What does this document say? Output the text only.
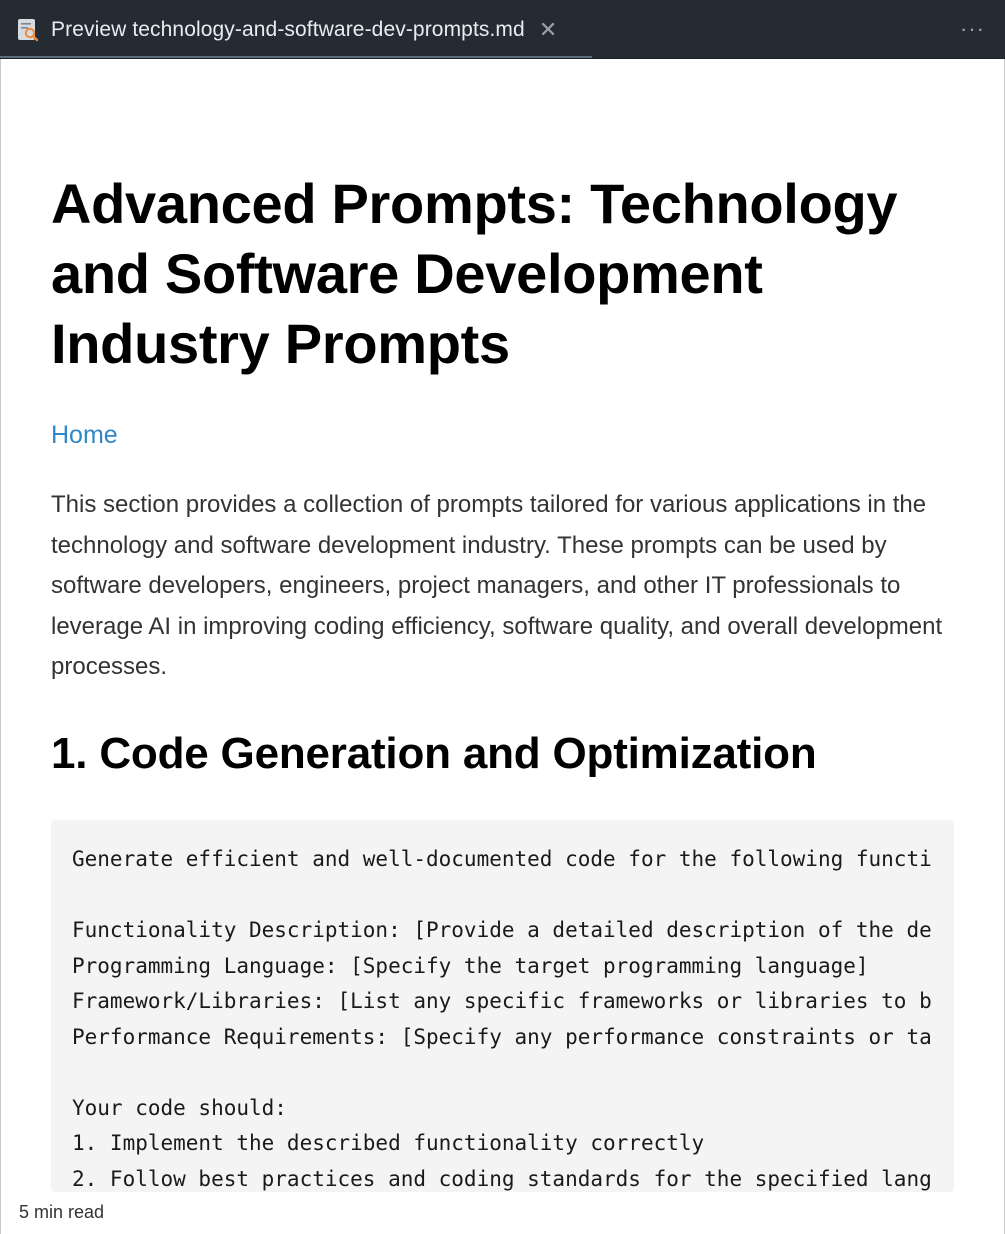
Preview technology-and-software-dev-prompts.md ✕	···
Advanced Prompts: Technology and Software Development Industry Prompts
Home

This section provides a collection of prompts tailored for various applications in the technology and software development industry. These prompts can be used by software developers, engineers, project managers, and other IT professionals to leverage AI in improving coding efficiency, software quality, and overall development processes.

1. Code Generation and Optimization
Generate efficient and well-documented code for the following functi
Functionality Description: [Provide a detailed description of the de
Programming Language: [Specify the target programming language]
Framework/Libraries: [List any specific frameworks or libraries to b
Performance Requirements: [Specify any performance constraints or ta
Your code should:
1. Implement the described functionality correctly
2. Follow best practices and coding standards for the specified lang
5 min read
